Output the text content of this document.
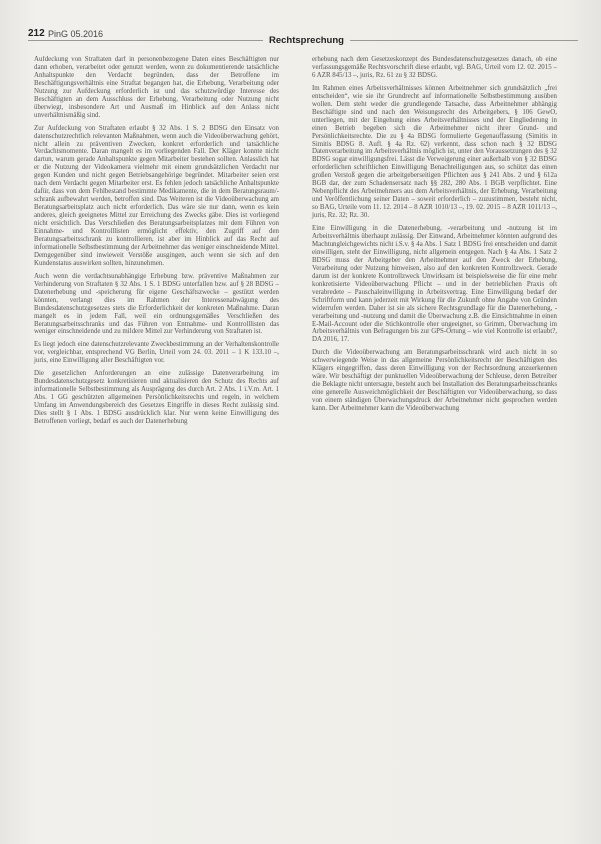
212 PinG 05.2016
Rechtsprechung

Aufdeckung von Straftaten darf in personenbezogene Daten eines Beschäftigten nur dann erhoben, verarbeitet oder genutzt werden, wenn zu dokumentierende tatsächliche Anhaltspunkte den Verdacht begründen, dass der Betroffene im Beschäftigungsverhältnis eine Straftat begangen hat, die Erhebung, Verarbeitung oder Nutzung zur Aufdeckung erforderlich ist und das schutzwürdige Interesse des Beschäftigten an dem Ausschluss der Erhebung, Verarbeitung oder Nutzung nicht überwiegt, insbesondere Art und Ausmaß im Hinblick auf den Anlass nicht unverhältnismäßig sind.

Zur Aufdeckung von Straftaten erlaubt § 32 Abs. 1 S. 2 BDSG den Einsatz von datenschutzrechtlich relevanten Maßnahmen, wenn auch die Videoüberwachung gehört, nicht allein zu präventiven Zwecken, konkret erforderlich und tatsächliche Verdachtsmomente. Daran mangelt es im vorliegenden Fall. Der Kläger konnte nicht dartun, warum gerade Anhaltspunkte gegen Mitarbeiter bestehen sollten. Anlasslich hat er die Nutzung der Videokamera vielmehr mit einem grundsätzlichen Verdacht nur gegen Kunden und nicht gegen Betriebsangehörige begründet. Mitarbeiter seien erst nach dem Verdacht gegen Mitarbeiter erst. Es fehlen jedoch tatsächliche Anhaltspunkte dafür, dass von dem Fehlbestand bestimmte Medikamente, die in dem Beratungsraum/-schrank aufbewahrt werden, betroffen sind. Das Weiteren ist die Videoüberwachung am Beratungsarbeitsplatz auch nicht erforderlich. Das wäre sie nur dann, wenn es kein anderes, gleich geeignetes Mittel zur Erreichung des Zwecks gäbe. Dies ist vorliegend nicht ersichtlich. Das Verschließen des Beratungsarbeitsplatzes mit dem Führen von Einnahme- und Kontrolllisten ermöglicht effektiv, den Zugriff auf den Beratungsarbeitsschrank zu kontrollieren, ist aber im Hinblick auf das Recht auf informationelle Selbstbestimmung der Arbeitnehmer das weniger einschneidende Mittel. Demgegenüber sind inwieweit Verstöße ausgingen, auch wenn sie sich auf den Kundenstatus auswirken sollten, hinzunehmen.

Auch wenn die verdachtsunabhängige Erhebung bzw. präventive Maßnahmen zur Verhinderung von Straftaten § 32 Abs. 1 S. 1 BDSG unterfallen bzw. auf § 28 BDSG – Datenerhebung und -speicherung für eigene Geschäftszwecke – gestützt werden könnten, verlangt dies im Rahmen der Interessenabwägung des Bundesdatenschutzgesetzes stets die Erforderlichkeit der konkreten Maßnahme. Daran mangelt es in jedem Fall, weil ein ordnungsgemäßes Verschließen des Beratungsarbeitsschranks und das Führen von Entnahme- und Kontrolllisten das weniger einschneidende und zu mildere Mittel zur Verhinderung von Straftaten ist.

Es liegt jedoch eine datenschutzrelevante Zweckbestimmung an der Verhaltenskontrolle vor, vergleichbar, entsprechend VG Berlin, Urteil vom 24. 03. 2011 – 1 K 133.10 –, juris, eine Einwilligung aller Beschäftigten vor.

Die gesetzlichen Anforderungen an eine zulässige Datenverarbeitung im Bundesdatenschutzgesetz konkretisieren und aktualisieren den Schutz des Rechts auf informationelle Selbstbestimmung als Ausprägung des durch Art. 2 Abs. 1 i.V.m. Art. 1 Abs. 1 GG geschützten allgemeinen Persönlichkeitsrechts und regeln, in welchem Umfang im Anwendungsbereich des Gesetzes Eingriffe in dieses Recht zulässig sind. Dies stellt § 1 Abs. 1 BDSG ausdrücklich klar. Nur wenn keine Einwilligung des Betroffenen vorliegt, bedarf es auch der Datenerhebung

erhebung nach dem Gesetzeskonzept des Bundesdatenschutzgesetzes danach, ob eine verfassungsgemäße Rechtsvorschrift diese erlaubt, vgl. BAG, Urteil vom 12. 02. 2015 – 6 AZR 845/13 –, juris, Rz. 61 zu § 32 BDSG.

Im Rahmen eines Arbeitsverhältnisses können Arbeitnehmer sich grundsätzlich „frei entscheiden“, wie sie ihr Grundrecht auf informationelle Selbstbestimmung ausüben wollen. Dem steht weder die grundlegende Tatsache, dass Arbeitnehmer abhängig Beschäftigte sind und nach den Weisungsrecht des Arbeitgebers, § 106 GewO, unterliegen, mit der Eingehung eines Arbeitsverhältnisses und der Eingliederung in einen Betrieb begeben sich die Arbeitnehmer nicht ihrer Grund- und Persönlichkeitsrechte. Die zu § 4a BDSG formulierte Gegenauffassung (Simitis in Simitis BDSG 8. Aufl. § 4a Rz. 62) verkennt, dass schon nach § 32 BDSG Datenverarbeitung im Arbeitsverhältnis möglich ist, unter den Voraussetzungen des § 32 BDSG sogar einwilligungsfrei. Lässt die Verweigerung einer außerhalb von § 32 BDSG erforderlichen schriftlichen Einwilligung Benachteiligungen aus, so schützt das einen großen Verstoß gegen die arbeitgeberseitigen Pflichten aus § 241 Abs. 2 und § 612a BGB dar, der zum Schadensersatz nach §§ 282, 280 Abs. 1 BGB verpflichtet. Eine Nebenpflicht des Arbeitnehmers aus dem Arbeitsverhältnis, der Erhebung, Verarbeitung und Veröffentlichung seiner Daten – soweit erforderlich – zuzustimmen, besteht nicht, so BAG, Urteile vom 11. 12. 2014 – 8 AZR 1010/13 –, 19. 02. 2015 – 8 AZR 1011/13 –, juris, Rz. 32; Rz. 30.

Eine Einwilligung in die Datenerhebung, -verarbeitung und -nutzung ist im Arbeitsverhältnis überhaupt zulässig. Der Einwand, Arbeitnehmer könnten aufgrund des Machtungleichgewichts nicht i.S.v. § 4a Abs. 1 Satz 1 BDSG frei entscheiden und damit einwilligen, steht der Einwilligung, nicht allgemein entgegen. Nach § 4a Abs. 1 Satz 2 BDSG muss der Arbeitgeber den Arbeitnehmer auf den Zweck der Erhebung, Verarbeitung oder Nutzung hinweisen, also auf den konkreten Kontrollzweck. Gerade darum ist der konkrete Kontrollzweck Unwirksam ist beispielsweise die für eine mehr konkretisierte Videoüberwachung Pflicht – und in der betrieblichen Praxis oft verabredete – Pauschaleinwilligung in Arbeitsvertrag. Eine Einwilligung bedarf der Schriftform und kann jederzeit mit Wirkung für die Zukunft ohne Angabe von Gründen widerrufen werden. Daher ist sie als sichere Rechtsgrundlage für die Datenerhebung, -verarbeitung und -nutzung und damit die Überwachung z.B. die Einsichtnahme in einen E-Mail-Account oder die Stichkontrolle eher ungeeignet, so Grimm, Überwachung im Arbeitsverhältnis von Befragungen bis zur GPS-Ortung – wie viel Kontrolle ist erlaubt?, DA 2016, 17.

Durch die Videoüberwachung am Beratungsarbeitsschrank wird auch nicht in so schwerwiegende Weise in das allgemeine Persönlichkeitsrecht der Beschäftigten des Klägers eingegriffen, dass deren Einwilligung von der Rechtsordnung anzuerkennen wäre. Wir beschäftigt der punktuellen Videoüberwachung der Schleuse, deren Betreiber die Beklagte nicht untersagte, besteht auch bei Installation des Beratungsarbeitsschranks eine generelle Ausweichmöglichkeit der Beschäftigten vor Videoüberwachung, so dass von einem ständigen Überwachungsdruck der Arbeitnehmer nicht gesprochen werden kann. Der Arbeitnehmer kann die Videoüberwachung
